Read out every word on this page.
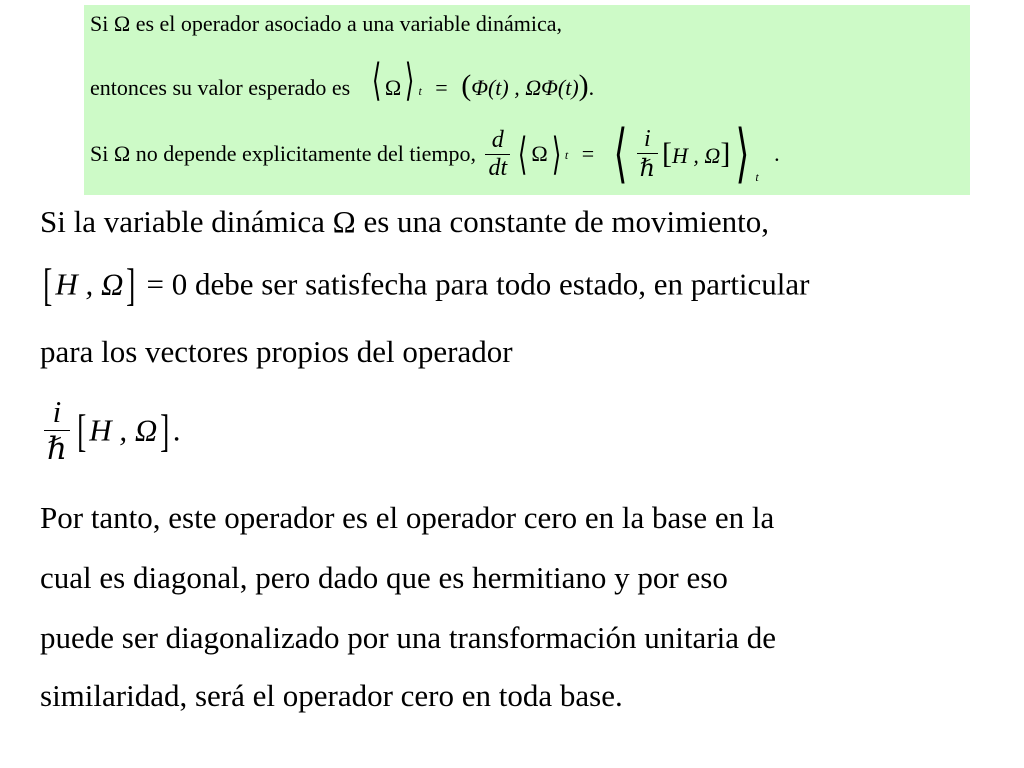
Si Ω es el operador asociado a una variable dinámica,
entonces su valor esperado es ⟨ Ω⟩ t = (Φ(t) , ΩΦ(t)).
Si Ω no depende explicitamente del tiempo, $\frac{d}{dt}$ ⟨ Ω⟩ t = ⟨ $\frac{i}{\text{ℏ}} [H$ , Ω]⟩ $_t$ .
Si la variable dinámica Ω es una constante de movimiento,
[H , Ω] = 0 debe ser satisfecha para todo estado, en particular
para los vectores propios del operador
$\frac{i}{\text{ℏ}} [H$ , Ω].
Por tanto, este operador es el operador cero en la base en la
cual es diagonal, pero dado que es hermitiano y por eso
puede ser diagonalizado por una transformación unitaria de
similaridad, será el operador cero en toda base.
